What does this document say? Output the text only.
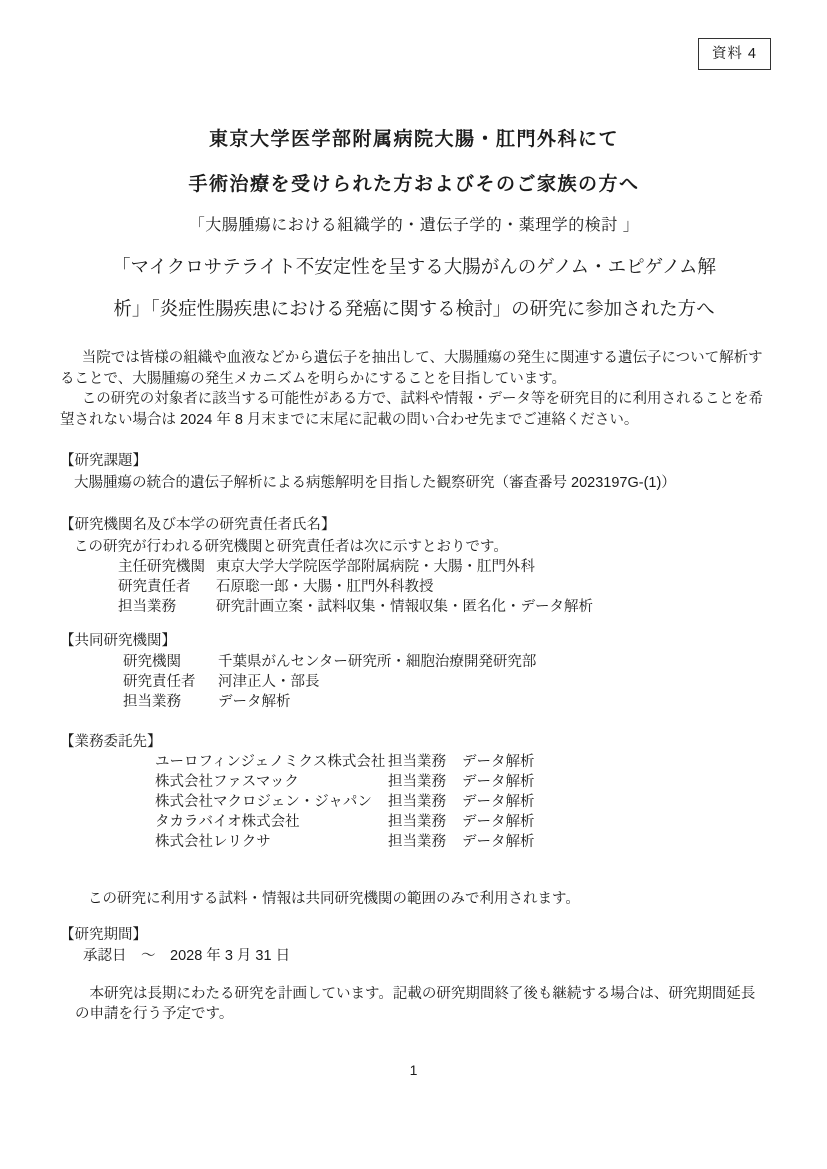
資料 4

東京大学医学部附属病院大腸・肛門外科にて

手術治療を受けられた方およびそのご家族の方へ

「大腸腫瘍における組織学的・遺伝子学的・薬理学的検討 」

「マイクロサテライト不安定性を呈する大腸がんのゲノム・エピゲノム解

析」「炎症性腸疾患における発癌に関する検討」の研究に参加された方へ

当院では皆様の組織や血液などから遺伝子を抽出して、大腸腫瘍の発生に関連する遺伝子について解析することで、大腸腫瘍の発生メカニズムを明らかにすることを目指しています。

この研究の対象者に該当する可能性がある方で、試料や情報・データ等を研究目的に利用されることを希望されない場合は 2024 年 8 月末までに末尾に記載の問い合わせ先までご連絡ください。

【研究課題】

大腸腫瘍の統合的遺伝子解析による病態解明を目指した観察研究（審査番号 2023197G-(1)）

【研究機関名及び本学の研究責任者氏名】

この研究が行われる研究機関と研究責任者は次に示すとおりです。
主任研究機関 東京大学大学院医学部附属病院・大腸・肛門外科
研究責任者	石原聡一郎・大腸・肛門外科教授
担当業務	研究計画立案・試料収集・情報収集・匿名化・データ解析

【共同研究機関】

研究機関	千葉県がんセンター研究所・細胞治療開発研究部
研究責任者	河津正人・部長
担当業務	データ解析

【業務委託先】

ユーロフィンジェノミクス株式会社 担当業務	データ解析
株式会社ファスマック	担当業務	データ解析
株式会社マクロジェン・ジャパン	担当業務	データ解析
タカラバイオ株式会社	担当業務	データ解析
株式会社レリクサ	担当業務	データ解析
この研究に利用する試料・情報は共同研究機関の範囲のみで利用されます。

【研究期間】

承認日　～　2028 年 3 月 31 日
本研究は長期にわたる研究を計画しています。記載の研究期間終了後も継続する場合は、研究期間延長の申請を行う予定です。
1
